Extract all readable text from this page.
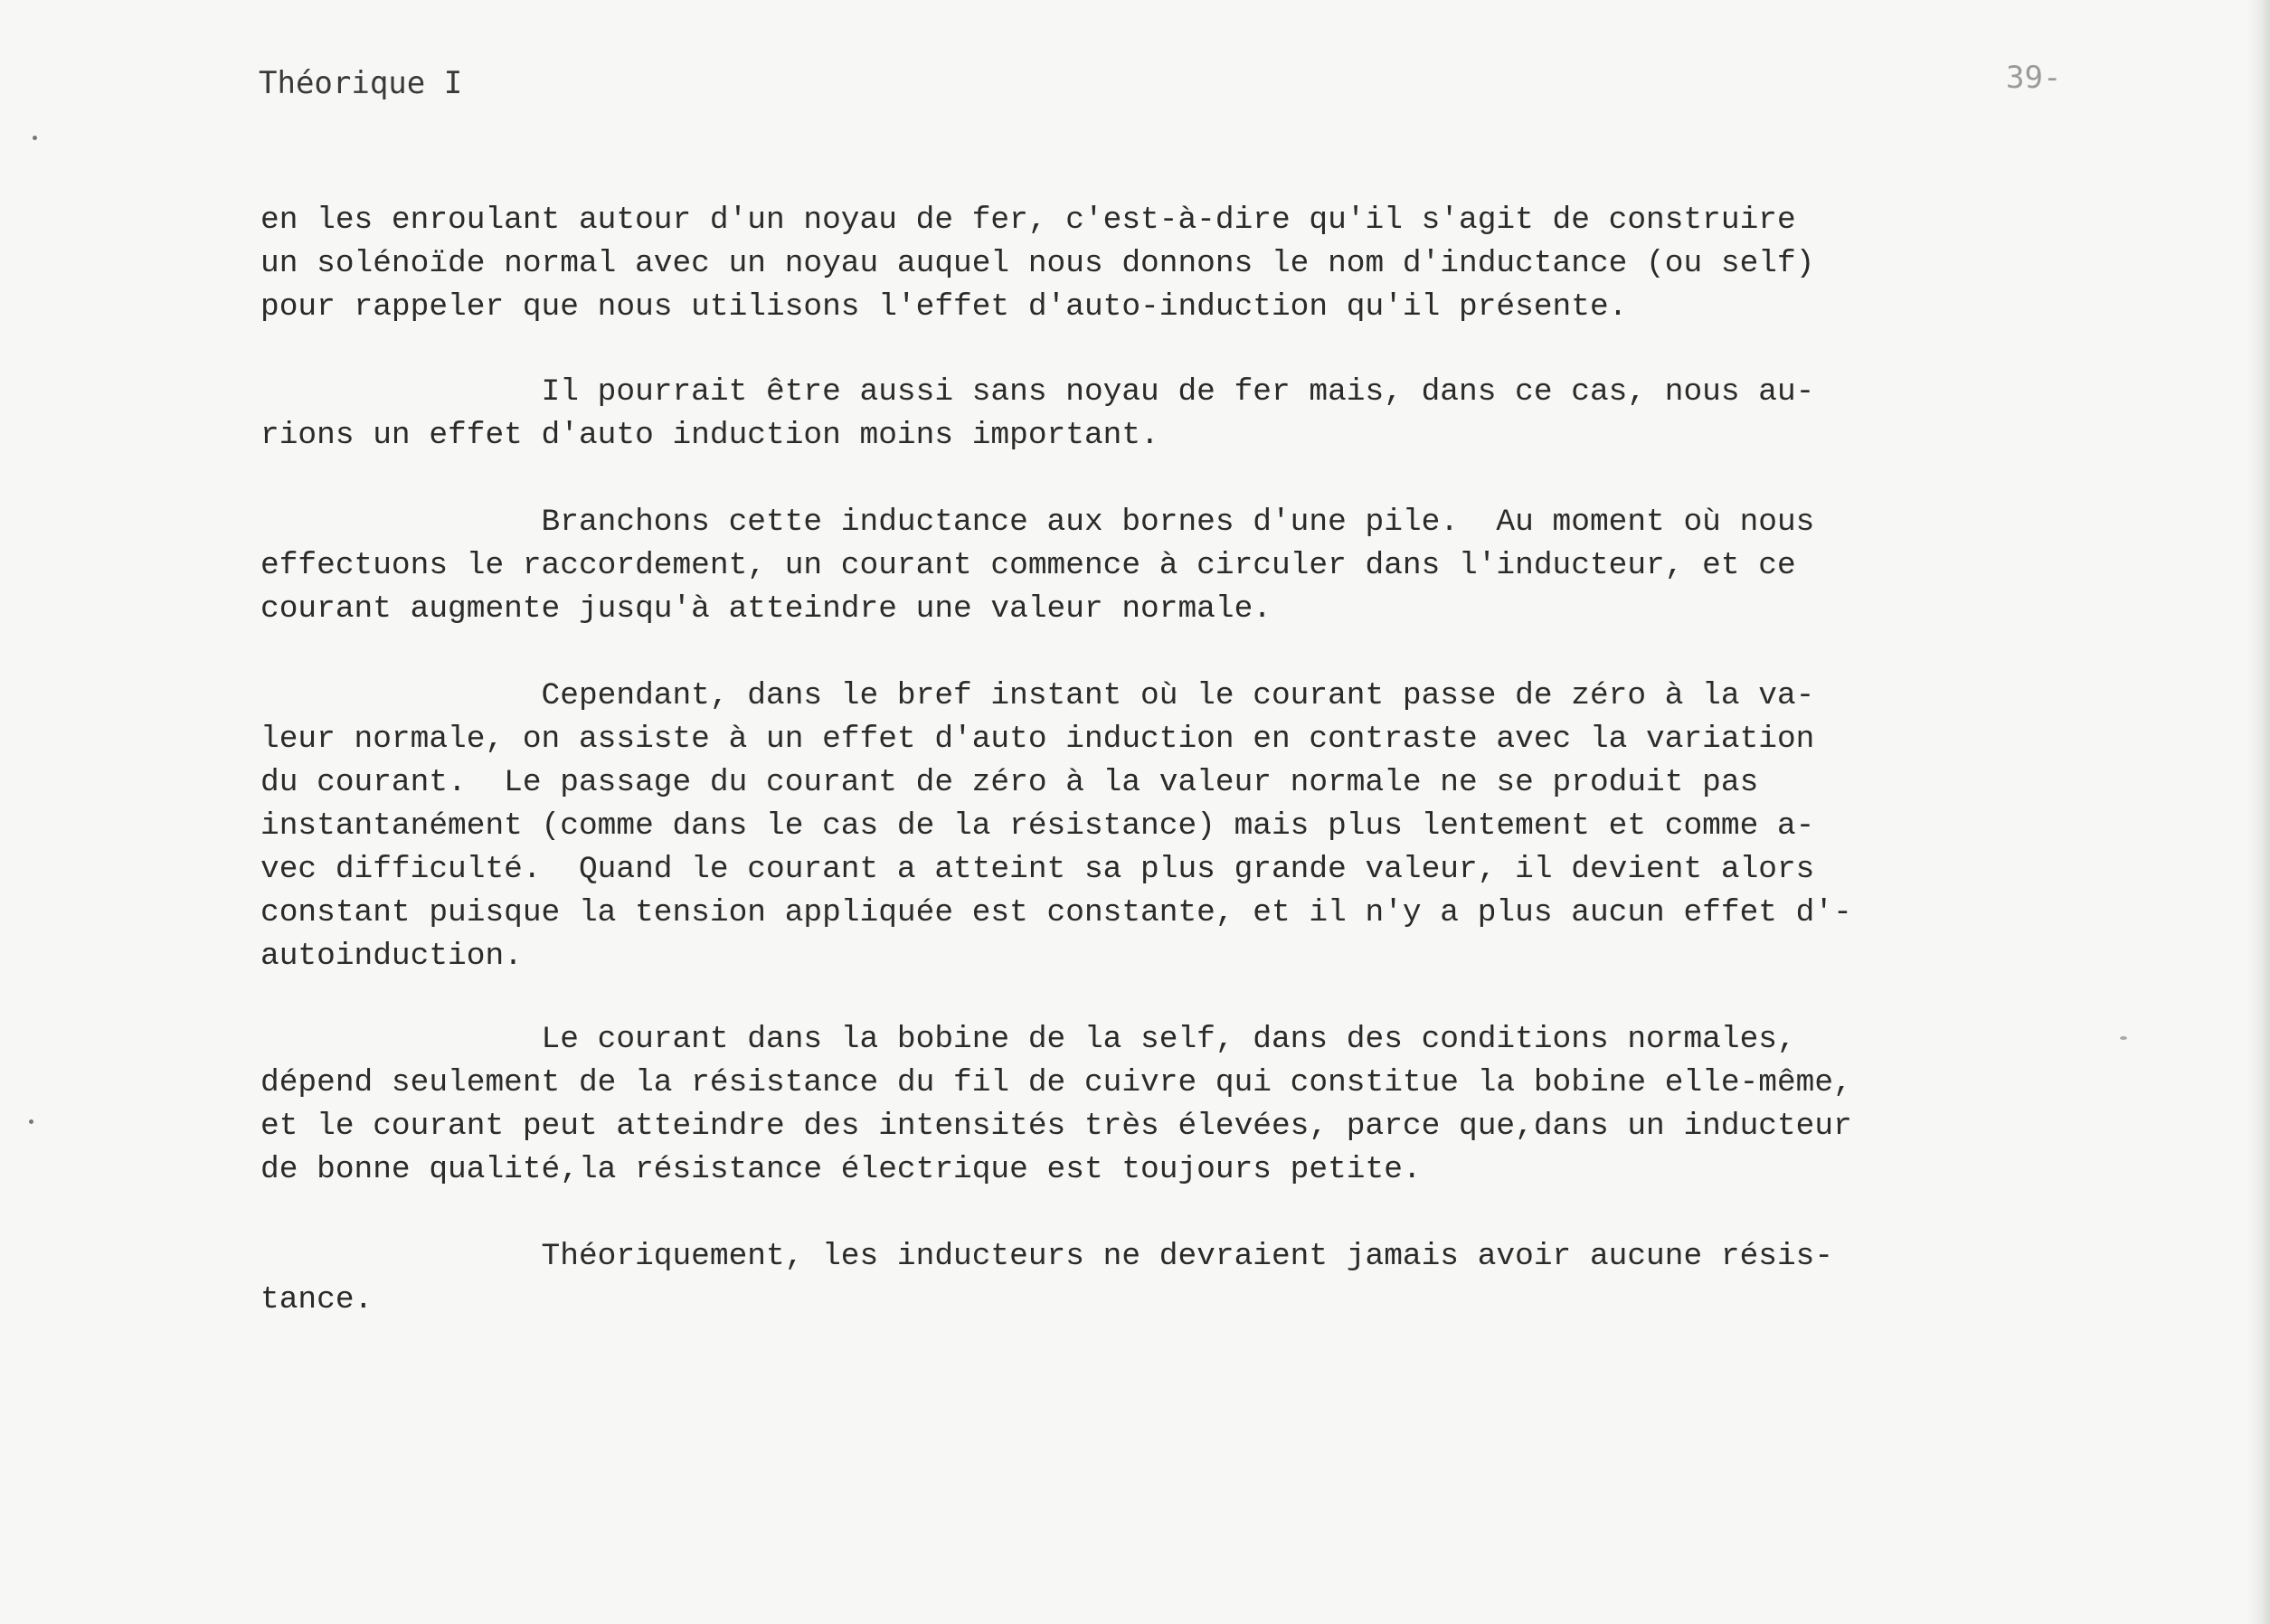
Théorique I	39-
en les enroulant autour d'un noyau de fer, c'est-à-dire qu'il s'agit de construire
un solénoïde normal avec un noyau auquel nous donnons le nom d'inductance (ou self)
pour rappeler que nous utilisons l'effet d'auto-induction qu'il présente.
Il pourrait être aussi sans noyau de fer mais, dans ce cas, nous au-
rions un effet d'auto induction moins important.
Branchons cette inductance aux bornes d'une pile.  Au moment où nous
effectuons le raccordement, un courant commence à circuler dans l'inducteur, et ce
courant augmente jusqu'à atteindre une valeur normale.
Cependant, dans le bref instant où le courant passe de zéro à la va-
leur normale, on assiste à un effet d'auto induction en contraste avec la variation
du courant.  Le passage du courant de zéro à la valeur normale ne se produit pas
instantanément (comme dans le cas de la résistance) mais plus lentement et comme a-
vec difficulté.  Quand le courant a atteint sa plus grande valeur, il devient alors
constant puisque la tension appliquée est constante, et il n'y a plus aucun effet d'-
autoinduction.
Le courant dans la bobine de la self, dans des conditions normales,
dépend seulement de la résistance du fil de cuivre qui constitue la bobine elle-même,
et le courant peut atteindre des intensités très élevées, parce que,dans un inducteur
de bonne qualité,la résistance électrique est toujours petite.
Théoriquement, les inducteurs ne devraient jamais avoir aucune résis-
tance.
